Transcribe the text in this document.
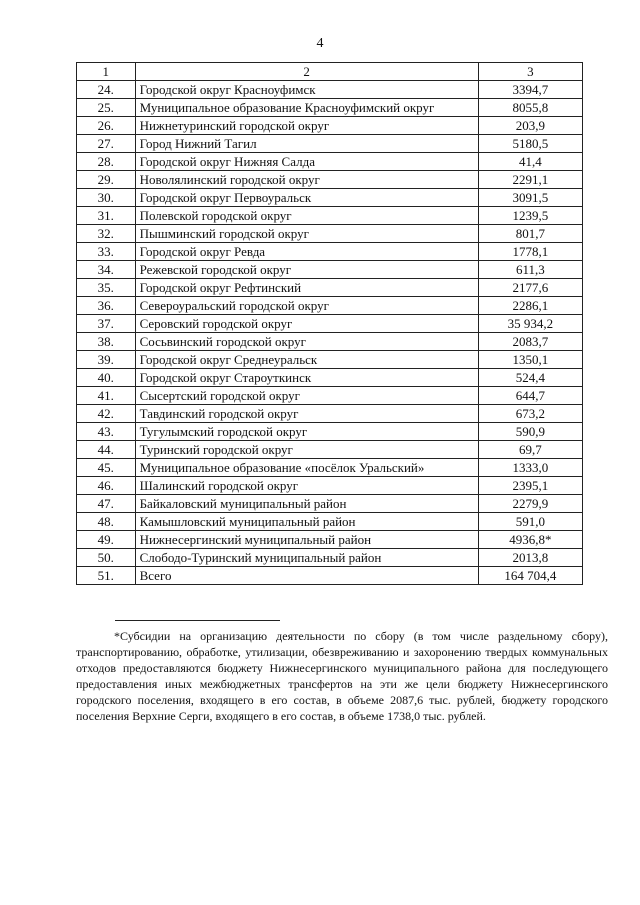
4
1	2	3
24.	Городской округ Красноуфимск	3394,7
25.	Муниципальное образование Красноуфимский округ	8055,8
26.	Нижнетуринский городской округ	203,9
27.	Город Нижний Тагил	5180,5
28.	Городской округ Нижняя Салда	41,4
29.	Новолялинский городской округ	2291,1
30.	Городской округ Первоуральск	3091,5
31.	Полевской городской округ	1239,5
32.	Пышминский городской округ	801,7
33.	Городской округ Ревда	1778,1
34.	Режевской городской округ	611,3
35.	Городской округ Рефтинский	2177,6
36.	Североуральский городской округ	2286,1
37.	Серовский городской округ	35 934,2
38.	Сосьвинский городской округ	2083,7
39.	Городской округ Среднеуральск	1350,1
40.	Городской округ Староуткинск	524,4
41.	Сысертский городской округ	644,7
42.	Тавдинский городской округ	673,2
43.	Тугулымский городской округ	590,9
44.	Туринский городской округ	69,7
45.	Муниципальное образование «посёлок Уральский»	1333,0
46.	Шалинский городской округ	2395,1
47.	Байкаловский муниципальный район	2279,9
48.	Камышловский муниципальный район	591,0
49.	Нижнесергинский муниципальный район	4936,8*
50.	Слободо-Туринский муниципальный район	2013,8
51.	Всего	164 704,4
*Субсидии на организацию деятельности по сбору (в том числе раздельному сбору), транспортированию, обработке, утилизации, обезвреживанию и захоронению твердых коммунальных отходов предоставляются бюджету Нижнесергинского муниципального района для последующего предоставления иных межбюджетных трансфертов на эти же цели бюджету Нижнесергинского городского поселения, входящего в его состав, в объеме 2087,6 тыс. рублей, бюджету городского поселения Верхние Серги, входящего в его состав, в объеме 1738,0 тыс. рублей.
